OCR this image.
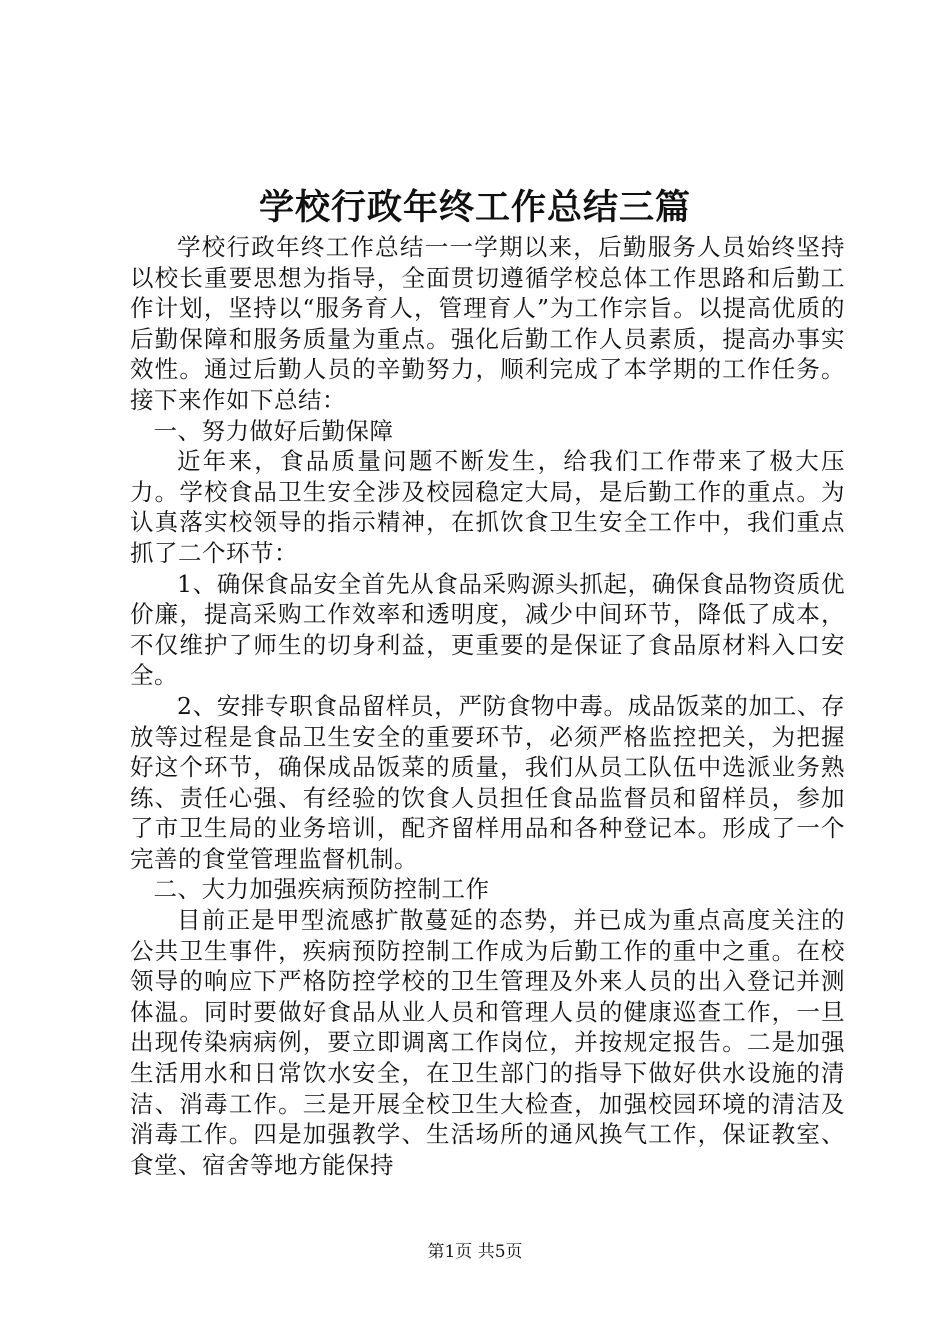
学校行政年终工作总结三篇

学校行政年终工作总结一一学期以来，后勤服务人员始终坚持以校长重要思想为指导，全面贯切遵循学校总体工作思路和后勤工作计划，坚持以“服务育人，管理育人”为工作宗旨。以提高优质的后勤保障和服务质量为重点。强化后勤工作人员素质，提高办事实效性。通过后勤人员的辛勤努力，顺利完成了本学期的工作任务。接下来作如下总结：

一、努力做好后勤保障

近年来，食品质量问题不断发生，给我们工作带来了极大压力。学校食品卫生安全涉及校园稳定大局，是后勤工作的重点。为认真落实校领导的指示精神，在抓饮食卫生安全工作中，我们重点抓了二个环节：

1、确保食品安全首先从食品采购源头抓起，确保食品物资质优价廉，提高采购工作效率和透明度，减少中间环节，降低了成本，不仅维护了师生的切身利益，更重要的是保证了食品原材料入口安全。

2、安排专职食品留样员，严防食物中毒。成品饭菜的加工、存放等过程是食品卫生安全的重要环节，必须严格监控把关，为把握好这个环节，确保成品饭菜的质量，我们从员工队伍中选派业务熟练、责任心强、有经验的饮食人员担任食品监督员和留样员，参加了市卫生局的业务培训，配齐留样用品和各种登记本。形成了一个完善的食堂管理监督机制。

二、大力加强疾病预防控制工作

目前正是甲型流感扩散蔓延的态势，并已成为重点高度关注的公共卫生事件，疾病预防控制工作成为后勤工作的重中之重。在校领导的响应下严格防控学校的卫生管理及外来人员的出入登记并测体温。同时要做好食品从业人员和管理人员的健康巡查工作，一旦出现传染病病例，要立即调离工作岗位，并按规定报告。二是加强生活用水和日常饮水安全，在卫生部门的指导下做好供水设施的清洁、消毒工作。三是开展全校卫生大检查，加强校园环境的清洁及消毒工作。四是加强教学、生活场所的通风换气工作，保证教室、食堂、宿舍等地方能保持

第1页 共5页
